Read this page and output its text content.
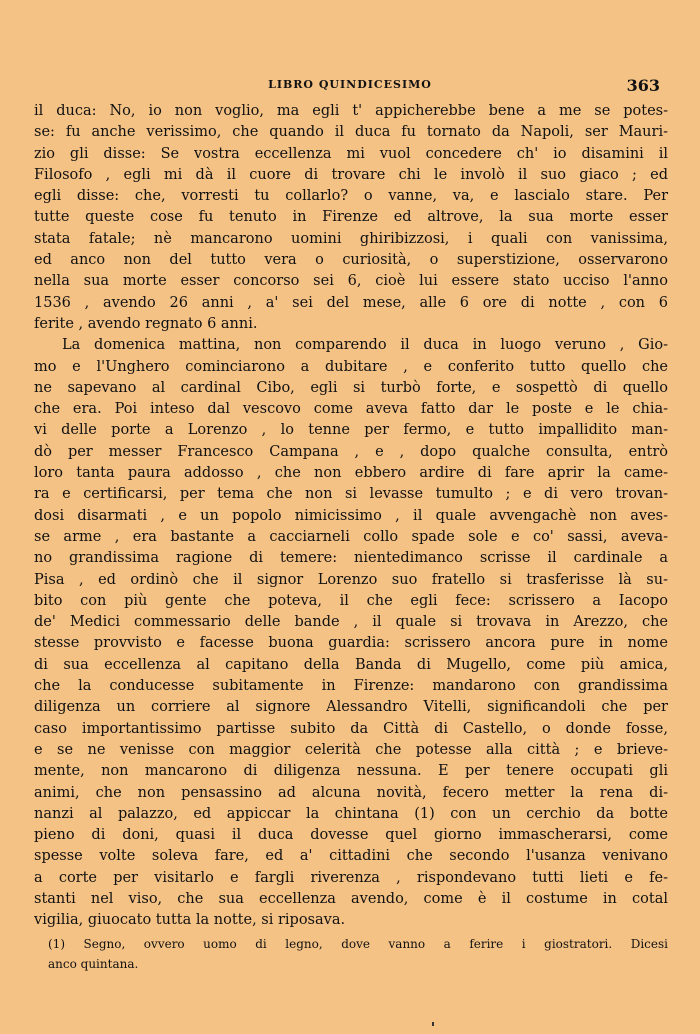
LIBRO QUINDICESIMO	363
il duca: No, io non voglio, ma egli t' appicherebbe bene a me se potes-
se: fu anche verissimo, che quando il duca fu tornato da Napoli, ser Mauri-
zio gli disse: Se vostra eccellenza mi vuol concedere ch' io disamini il
Filosofo , egli mi dà il cuore di trovare chi le involò il suo giaco ; ed
egli disse: che, vorresti tu collarlo? o vanne, va, e lascialo stare. Per
tutte queste cose fu tenuto in Firenze ed altrove, la sua morte esser
stata fatale; nè mancarono uomini ghiribizzosi, i quali con vanissima,
ed anco non del tutto vera o curiosità, o superstizione, osservarono
nella sua morte esser concorso sei 6, cioè lui essere stato ucciso l'anno
1536 , avendo 26 anni , a' sei del mese, alle 6 ore di notte , con 6
ferite , avendo regnato 6 anni.
La domenica mattina, non comparendo il duca in luogo veruno , Gio-
mo e l'Unghero cominciarono a dubitare , e conferito tutto quello che
ne sapevano al cardinal Cibo, egli si turbò forte, e sospettò di quello
che era. Poi inteso dal vescovo come aveva fatto dar le poste e le chia-
vi delle porte a Lorenzo , lo tenne per fermo, e tutto impallidito man-
dò per messer Francesco Campana , e , dopo qualche consulta, entrò
loro tanta paura addosso , che non ebbero ardire di fare aprir la came-
ra e certificarsi, per tema che non si levasse tumulto ; e di vero trovan-
dosi disarmati , e un popolo nimicissimo , il quale avvengachè non aves-
se arme , era bastante a cacciarneli collo spade sole e co' sassi, aveva-
no grandissima ragione di temere: nientedimanco scrisse il cardinale a
Pisa , ed ordinò che il signor Lorenzo suo fratello si trasferisse là su-
bito con più gente che poteva, il che egli fece: scrissero a Iacopo
de' Medici commessario delle bande , il quale si trovava in Arezzo, che
stesse provvisto e facesse buona guardia: scrissero ancora pure in nome
di sua eccellenza al capitano della Banda di Mugello, come più amica,
che la conducesse subitamente in Firenze: mandarono con grandissima
diligenza un corriere al signore Alessandro Vitelli, significandoli che per
caso importantissimo partisse subito da Città di Castello, o donde fosse,
e se ne venisse con maggior celerità che potesse alla città ; e brieve-
mente, non mancarono di diligenza nessuna. E per tenere occupati gli
animi, che non pensassino ad alcuna novità, fecero metter la rena di-
nanzi al palazzo, ed appiccar la chintana (1) con un cerchio da botte
pieno di doni, quasi il duca dovesse quel giorno immascherarsi, come
spesse volte soleva fare, ed a' cittadini che secondo l'usanza venivano
a corte per visitarlo e fargli riverenza , rispondevano tutti lieti e fe-
stanti nel viso, che sua eccellenza avendo, come è il costume in cotal
vigilia, giuocato tutta la notte, si riposava.
(1) Segno, ovvero uomo di legno, dove vanno a ferire i giostratori. Dicesi
anco quintana.
